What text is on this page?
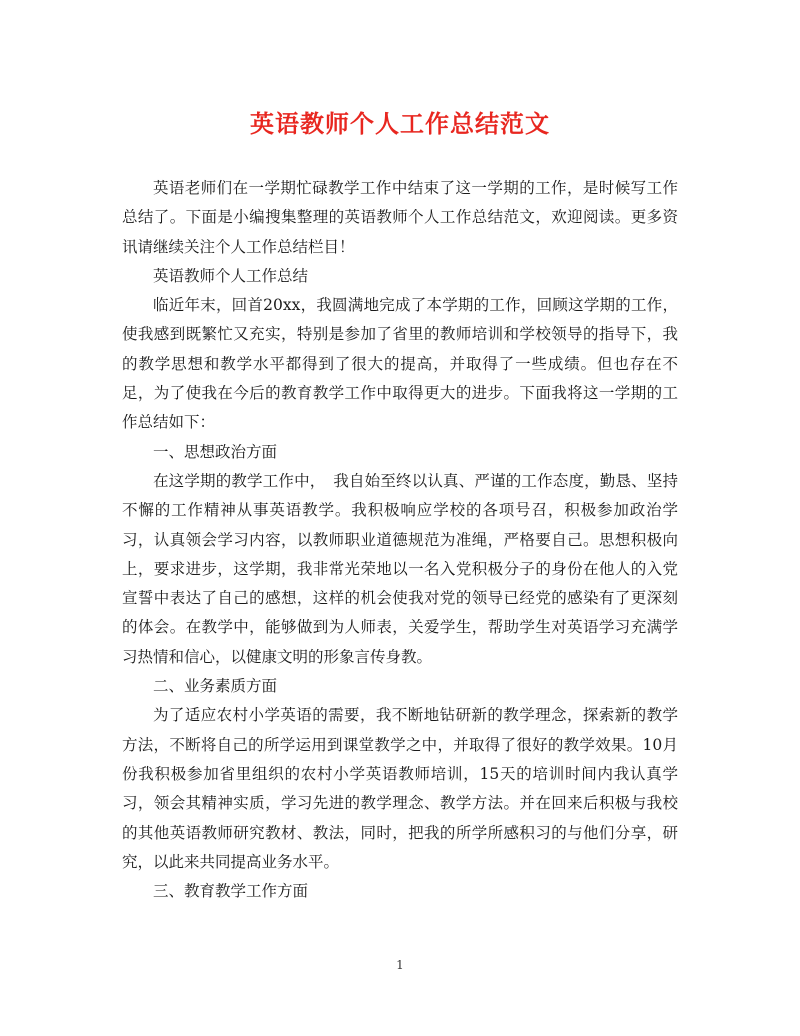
英语教师个人工作总结范文

英语老师们在一学期忙碌教学工作中结束了这一学期的工作，是时候写工作总结了。下面是小编搜集整理的英语教师个人工作总结范文，欢迎阅读。更多资讯请继续关注个人工作总结栏目！

英语教师个人工作总结

临近年末，回首20xx，我圆满地完成了本学期的工作，回顾这学期的工作，使我感到既繁忙又充实，特别是参加了省里的教师培训和学校领导的指导下，我的教学思想和教学水平都得到了很大的提高，并取得了一些成绩。但也存在不足，为了使我在今后的教育教学工作中取得更大的进步。下面我将这一学期的工作总结如下：

一、思想政治方面

在这学期的教学工作中，　我自始至终以认真、严谨的工作态度，勤恳、坚持不懈的工作精神从事英语教学。我积极响应学校的各项号召，积极参加政治学习，认真领会学习内容，以教师职业道德规范为准绳，严格要自己。思想积极向上，要求进步，这学期，我非常光荣地以一名入党积极分子的身份在他人的入党宣誓中表达了自己的感想，这样的机会使我对党的领导已经党的感染有了更深刻的体会。在教学中，能够做到为人师表，关爱学生，帮助学生对英语学习充满学习热情和信心，以健康文明的形象言传身教。

二、业务素质方面

为了适应农村小学英语的需要，我不断地钻研新的教学理念，探索新的教学方法，不断将自己的所学运用到课堂教学之中，并取得了很好的教学效果。10月份我积极参加省里组织的农村小学英语教师培训，15天的培训时间内我认真学习，领会其精神实质，学习先进的教学理念、教学方法。并在回来后积极与我校的其他英语教师研究教材、教法，同时，把我的所学所感积习的与他们分享，研究，以此来共同提高业务水平。

三、教育教学工作方面

1
